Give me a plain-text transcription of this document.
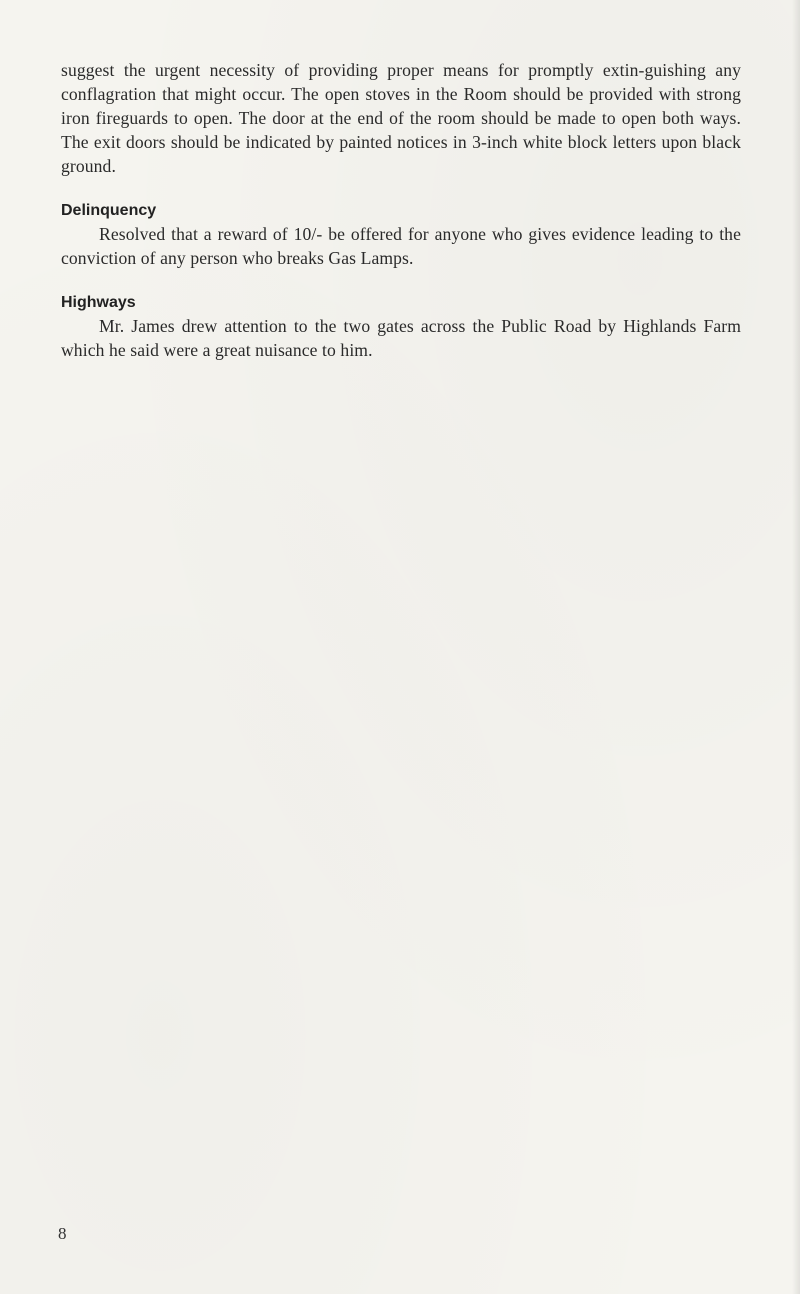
suggest the urgent necessity of providing proper means for promptly extin-guishing any conflagration that might occur. The open stoves in the Room should be provided with strong iron fireguards to open. The door at the end of the room should be made to open both ways. The exit doors should be indicated by painted notices in 3-inch white block letters upon black ground.

Delinquency

Resolved that a reward of 10/- be offered for anyone who gives evidence leading to the conviction of any person who breaks Gas Lamps.

Highways

Mr. James drew attention to the two gates across the Public Road by Highlands Farm which he said were a great nuisance to him.

8
